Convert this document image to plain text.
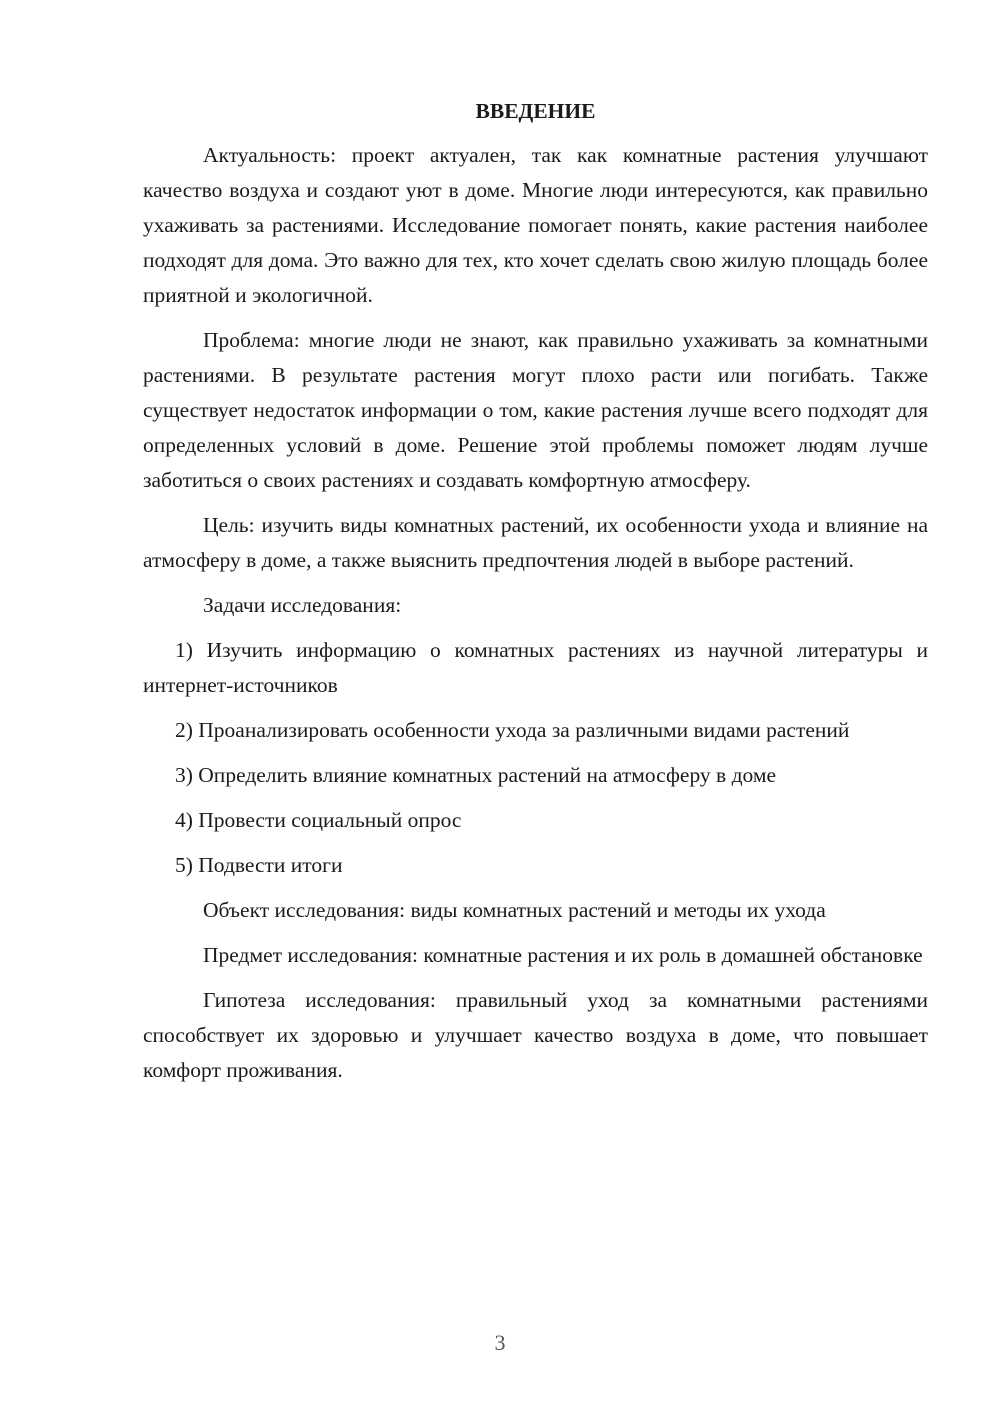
ВВЕДЕНИЕ

Актуальность: проект актуален, так как комнатные растения улучшают качество воздуха и создают уют в доме. Многие люди интересуются, как правильно ухаживать за растениями. Исследование помогает понять, какие растения наиболее подходят для дома. Это важно для тех, кто хочет сделать свою жилую площадь более приятной и экологичной.

Проблема: многие люди не знают, как правильно ухаживать за комнатными растениями. В результате растения могут плохо расти или погибать. Также существует недостаток информации о том, какие растения лучше всего подходят для определенных условий в доме. Решение этой проблемы поможет людям лучше заботиться о своих растениях и создавать комфортную атмосферу.

Цель: изучить виды комнатных растений, их особенности ухода и влияние на атмосферу в доме, а также выяснить предпочтения людей в выборе растений.

Задачи исследования:

1) Изучить информацию о комнатных растениях из научной литературы и интернет-источников

2) Проанализировать особенности ухода за различными видами растений

3) Определить влияние комнатных растений на атмосферу в доме

4) Провести социальный опрос

5) Подвести итоги

Объект исследования: виды комнатных растений и методы их ухода

Предмет исследования: комнатные растения и их роль в домашней обстановке

Гипотеза исследования: правильный уход за комнатными растениями способствует их здоровью и улучшает качество воздуха в доме, что повышает комфорт проживания.

3
